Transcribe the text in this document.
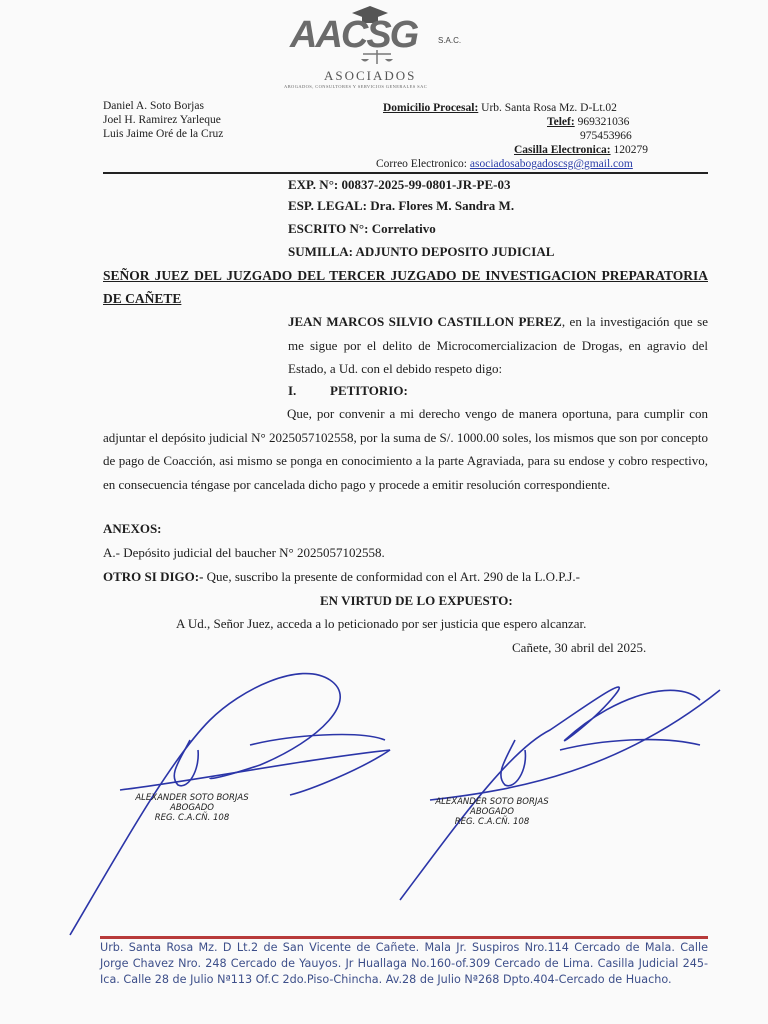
AACSG	S.A.C.
ASOCIADOS
ABOGADOS, CONSULTORES Y SERVICIOS GENERALES SAC
Daniel A. Soto Borjas
Joel H. Ramirez Yarleque
Luis Jaime Oré de la Cruz
Domicilio Procesal: Urb. Santa Rosa Mz. D-Lt.02
Telef: 969321036
975453966
Casilla Electronica: 120279
Correo Electronico: asociadosabogadoscsg@gmail.com
EXP. N°: 00837-2025-99-0801-JR-PE-03
ESP. LEGAL: Dra. Flores M. Sandra M.
ESCRITO N°: Correlativo
SUMILLA: ADJUNTO DEPOSITO JUDICIAL
SEÑOR JUEZ DEL JUZGADO DEL TERCER JUZGADO DE INVESTIGACION PREPARATORIA DE CAÑETE
JEAN MARCOS SILVIO CASTILLON PEREZ, en la investigación que se me sigue por el delito de Microcomercializacion de Drogas, en agravio del Estado, a Ud. con el debido respeto digo:
I.	PETITORIO:
Que, por convenir a mi derecho vengo de manera oportuna, para cumplir con adjuntar el depósito judicial N° 2025057102558, por la suma de S/. 1000.00 soles, los mismos que son por concepto de pago de Coacción, asi mismo se ponga en conocimiento a la parte Agraviada, para su endose y cobro respectivo, en consecuencia téngase por cancelada dicho pago y procede a emitir resolución correspondiente.
ANEXOS:
A.- Depósito judicial del baucher N° 2025057102558.
OTRO SI DIGO:- Que, suscribo la presente de conformidad con el Art. 290 de la L.O.P.J.-
EN VIRTUD DE LO EXPUESTO:
A Ud., Señor Juez, acceda a lo peticionado por ser justicia que espero alcanzar.
Cañete, 30 abril del 2025.
ALEXANDER SOTO BORJAS
ABOGADO
REG. C.A.CÑ. 108
ALEXANDER SOTO BORJAS
ABOGADO
REG. C.A.CÑ. 108
Urb. Santa Rosa Mz. D Lt.2 de San Vicente de Cañete. Mala Jr. Suspiros Nro.114 Cercado de Mala. Calle Jorge Chavez Nro. 248 Cercado de Yauyos. Jr Huallaga No.160-of.309 Cercado de Lima. Casilla Judicial 245-Ica. Calle 28 de Julio Nª113 Of.C 2do.Piso-Chincha. Av.28 de Julio Nª268 Dpto.404-Cercado de Huacho.
